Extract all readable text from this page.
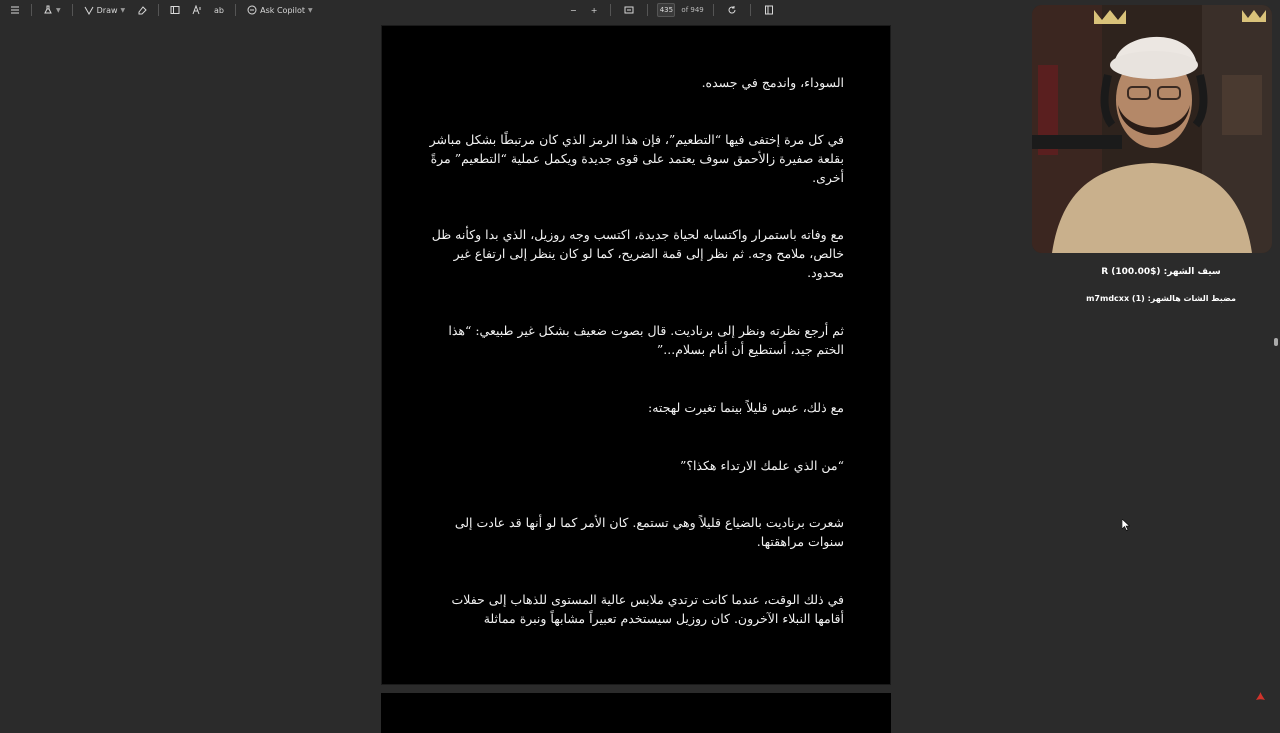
▼	Draw ▼	ab	Ask Copilot ▼	−	+	435	of 949

السوداء، واندمج في جسده.

في كل مرة إختفى فيها “التطعيم”، فإن هذا الرمز الذي كان مرتبطًا بشكل مباشر بقلعة صفيرة زالأحمق سوف يعتمد على قوى جديدة ويكمل عملية “التطعيم” مرةً أخرى.

مع وفاته باستمرار واكتسابه لحياة جديدة، اكتسب وجه روزيل، الذي بدا وكأنه ظل خالص، ملامح وجه. ثم نظر إلى قمة الضريح، كما لو كان ينظر إلى ارتفاع غير محدود.

ثم أرجع نظرته ونظر إلى برناديت. قال بصوت ضعيف بشكل غير طبيعي: “هذا الختم جيد، أستطيع أن أنام بسلام...”

مع ذلك، عبس قليلاً بينما تغيرت لهجته:

“من الذي علمك الارتداء هكذا؟”

شعرت برناديت بالضياع قليلاً وهي تستمع. كان الأمر كما لو أنها قد عادت إلى سنوات مراهقتها.

في ذلك الوقت، عندما كانت ترتدي ملابس عالية المستوى للذهاب إلى حفلات أقامها النبلاء الآخرون. كان روزيل سيستخدم تعبيراً مشابهاً ونبرة مماثلة

سيف الشهر: ($100.00) R

مضبط الشات هالشهر: (1) m7mdcxx
